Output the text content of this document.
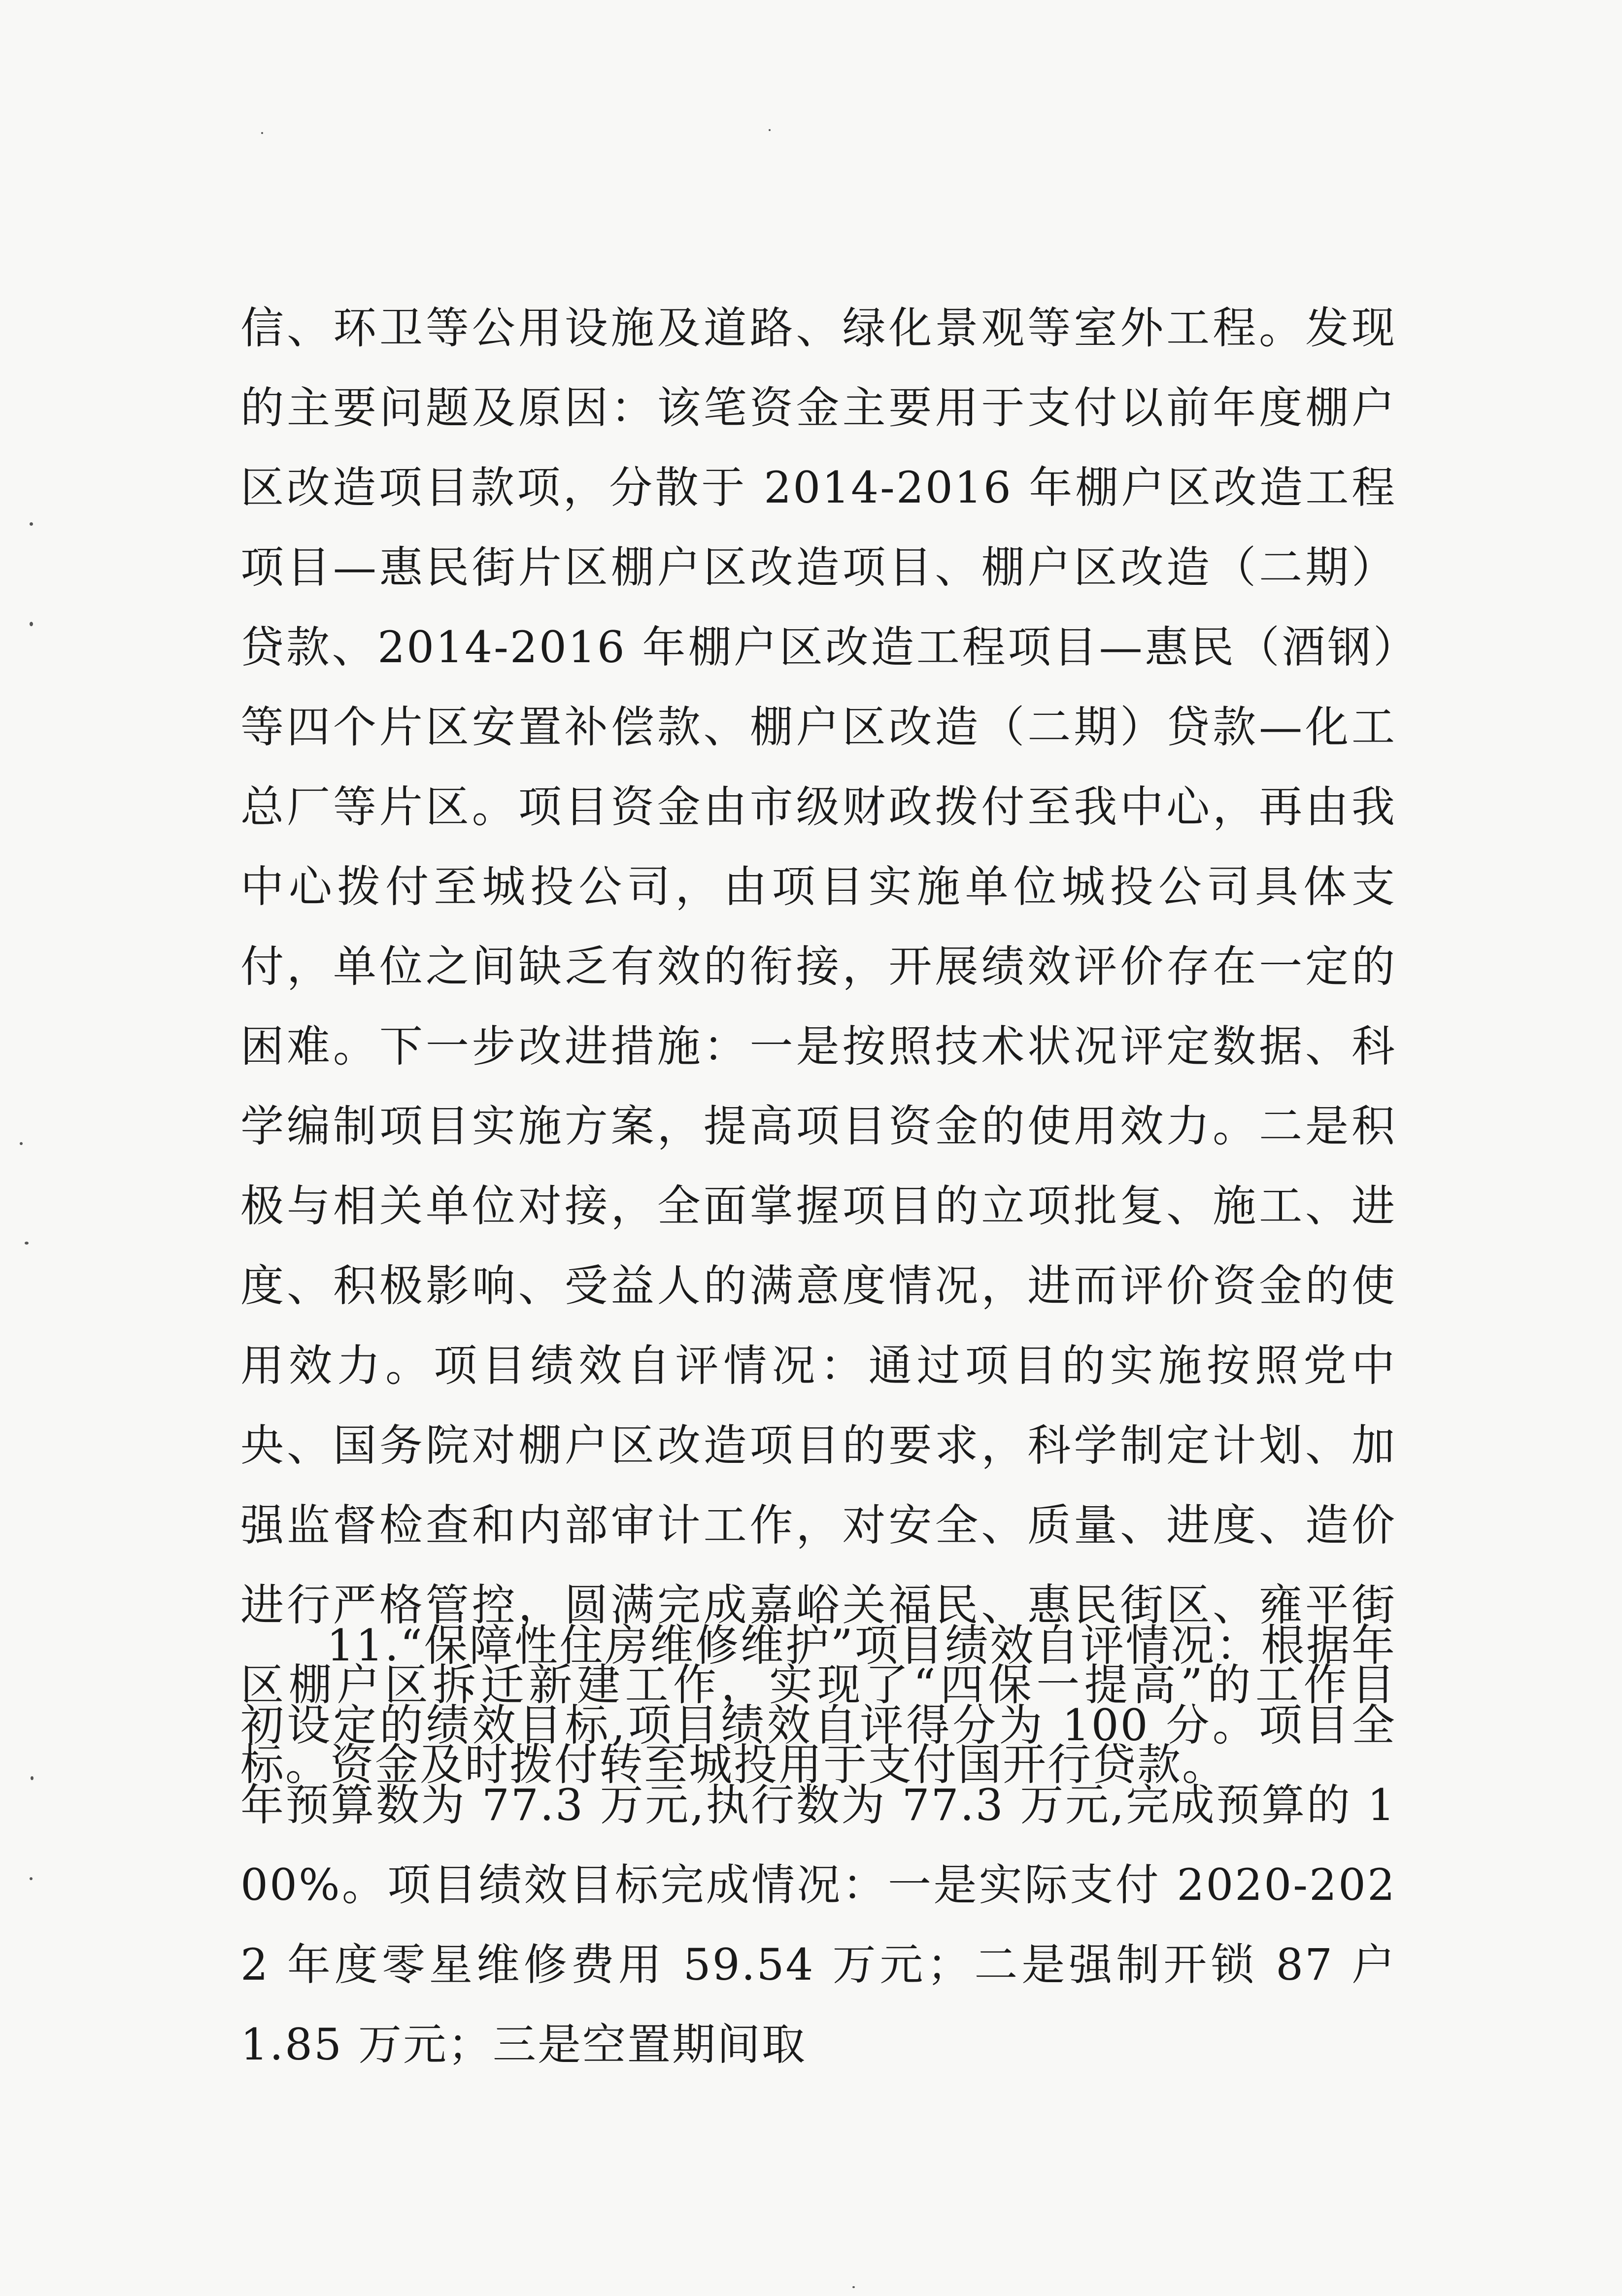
信、环卫等公用设施及道路、绿化景观等室外工程。发现的主要问题及原因：该笔资金主要用于支付以前年度棚户区改造项目款项，分散于 2014-2016 年棚户区改造工程项目—惠民街片区棚户区改造项目、棚户区改造（二期）贷款、2014-2016 年棚户区改造工程项目—惠民（酒钢）等四个片区安置补偿款、棚户区改造（二期）贷款—化工总厂等片区。项目资金由市级财政拨付至我中心，再由我中心拨付至城投公司，由项目实施单位城投公司具体支付，单位之间缺乏有效的衔接，开展绩效评价存在一定的困难。下一步改进措施：一是按照技术状况评定数据、科学编制项目实施方案，提高项目资金的使用效力。二是积极与相关单位对接，全面掌握项目的立项批复、施工、进度、积极影响、受益人的满意度情况，进而评价资金的使用效力。项目绩效自评情况：通过项目的实施按照党中央、国务院对棚户区改造项目的要求，科学制定计划、加强监督检查和内部审计工作，对安全、质量、进度、造价进行严格管控，圆满完成嘉峪关福民、惠民街区、雍平街区棚户区拆迁新建工作，实现了“四保一提高”的工作目标。资金及时拨付转至城投用于支付国开行贷款。

11.“保障性住房维修维护”项目绩效自评情况：根据年初设定的绩效目标,项目绩效自评得分为 100 分。项目全年预算数为 77.3 万元,执行数为 77.3 万元,完成预算的 100%。项目绩效目标完成情况：一是实际支付 2020-2022 年度零星维修费用 59.54 万元；二是强制开锁 87 户 1.85 万元；三是空置期间取
